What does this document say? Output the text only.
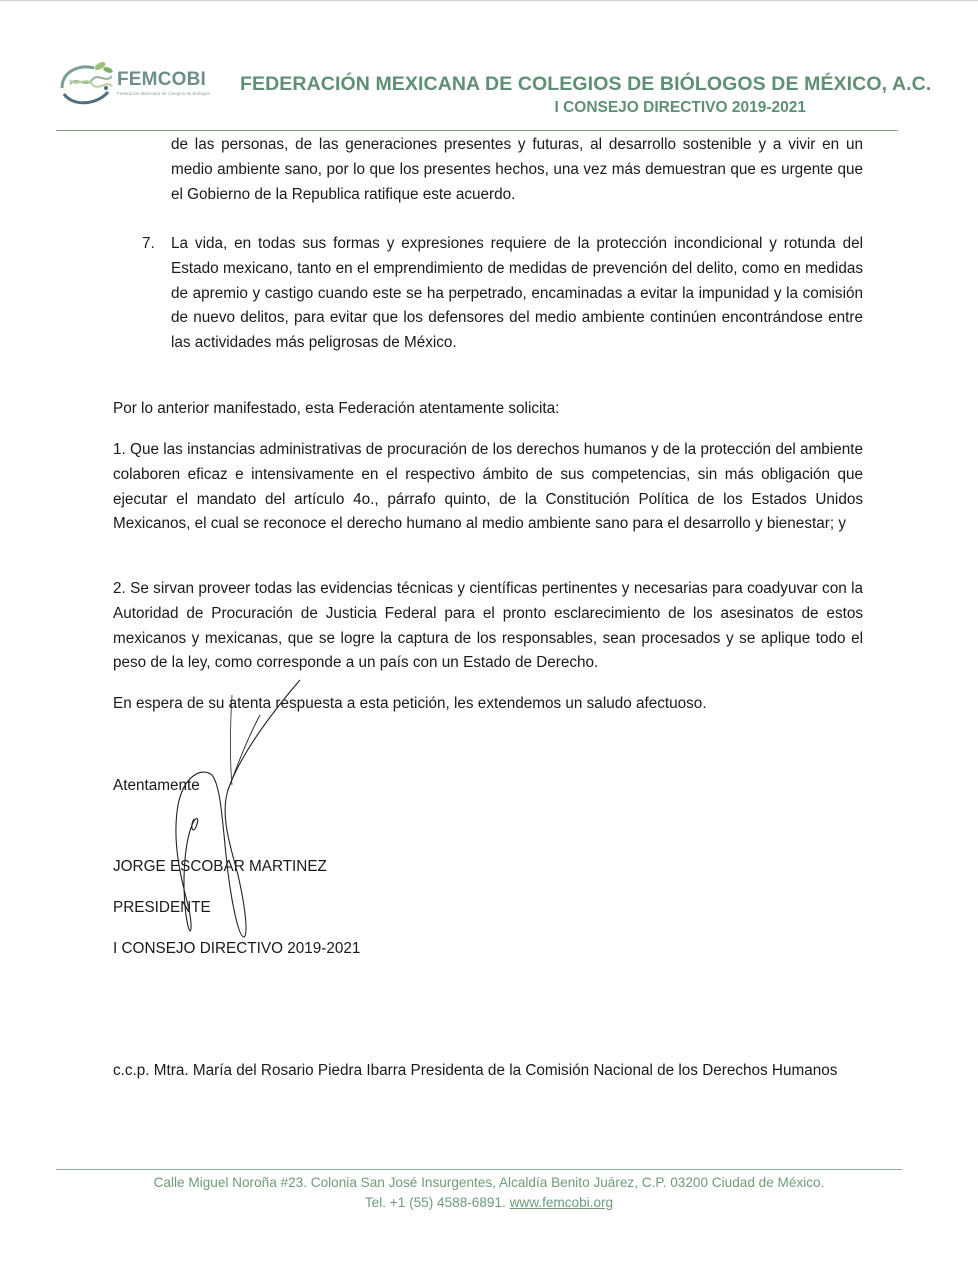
FEMCOBI
Federación Mexicana de Colegios de Biólogos FEDERACIÓN MEXICANA DE COLEGIOS DE BIÓLOGOS DE MÉXICO, A.C.
I CONSEJO DIRECTIVO 2019-2021

de las personas, de las generaciones presentes y futuras, al desarrollo sostenible y a vivir en un medio ambiente sano, por lo que los presentes hechos, una vez más demuestran que es urgente que el Gobierno de la Republica ratifique este acuerdo.

7. La vida, en todas sus formas y expresiones requiere de la protección incondicional y rotunda del Estado mexicano, tanto en el emprendimiento de medidas de prevención del delito, como en medidas de apremio y castigo cuando este se ha perpetrado, encaminadas a evitar la impunidad y la comisión de nuevo delitos, para evitar que los defensores del medio ambiente continúen encontrándose entre las actividades más peligrosas de México.

Por lo anterior manifestado, esta Federación atentamente solicita:

1. Que las instancias administrativas de procuración de los derechos humanos y de la protección del ambiente colaboren eficaz e intensivamente en el respectivo ámbito de sus competencias, sin más obligación que ejecutar el mandato del artículo 4o., párrafo quinto, de la Constitución Política de los Estados Unidos Mexicanos, el cual se reconoce el derecho humano al medio ambiente sano para el desarrollo y bienestar; y

2. Se sirvan proveer todas las evidencias técnicas y científicas pertinentes y necesarias para coadyuvar con la Autoridad de Procuración de Justicia Federal para el pronto esclarecimiento de los asesinatos de estos mexicanos y mexicanas, que se logre la captura de los responsables, sean procesados y se aplique todo el peso de la ley, como corresponde a un país con un Estado de Derecho.

En espera de su atenta respuesta a esta petición, les extendemos un saludo afectuoso.

Atentamente
JORGE ESCOBAR MARTINEZ
PRESIDENTE
I CONSEJO DIRECTIVO 2019-2021

c.c.p. Mtra. María del Rosario Piedra Ibarra Presidenta de la Comisión Nacional de los Derechos Humanos

Calle Miguel Noroña #23. Colonia San José Insurgentes, Alcaldía Benito Juárez, C.P. 03200 Ciudad de México.
Tel. +1 (55) 4588-6891. www.femcobi.org
